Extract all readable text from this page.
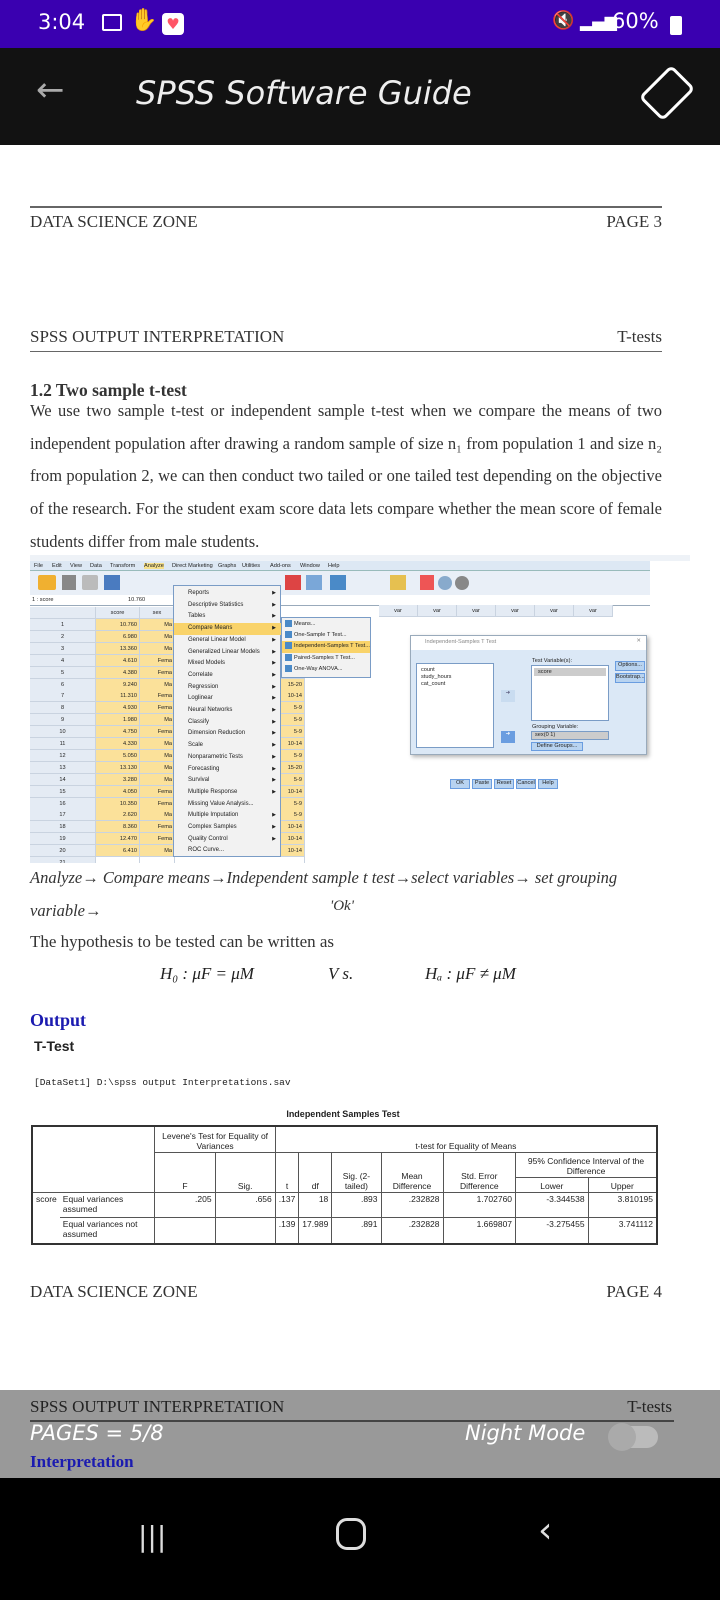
3:04 ✋ ♥	🔇 ▂▄▆
60%
← SPSS Software Guide
DATA SCIENCE ZONE	PAGE 3
SPSS OUTPUT INTERPRETATION	T-tests
1.2 Two sample t-test

We use two sample t-test or independent sample t-test when we compare the means of two independent population after drawing a random sample of size n₁ from population 1 and size n₂ from population 2, we can then conduct two tailed or one tailed test depending on the objective of the research. For the student exam score data lets compare whether the mean score of female students differ from male students.

File Edit View Data Transform Analyze Direct Marketing Graphs Utilities Add-ons Window Help
1 : score	10.760
score	sex	var	var	var	var	var	var
1	10.760	Ma
2	6.980	Ma
3	13.360	Ma
4	4.610	Fema
5	4.380	Fema
6	9.240	Ma	15-20
7	11.310	Fema	10-14
8	4.930	Fema	5-9
9	1.980	Ma	5-9
10	4.750	Fema	5-9
11	4.330	Ma	10-14
12	5.050	Ma	5-9
13	13.130	Ma	15-20
14	3.280	Ma	5-9
15	4.050	Fema	10-14
16	10.350	Fema	5-9
17	2.620	Ma	5-9
18	8.360	Fema	10-14
19	12.470	Fema	10-14
20	6.410	Ma	10-14
21
Reports	▶
Descriptive Statistics	▶
Tables	▶
Compare Means	▶
General Linear Model	▶
Generalized Linear Models ▶
Mixed Models	▶
Correlate	▶
Regression	▶
Loglinear	▶
Neural Networks	▶
Classify	▶
Dimension Reduction	▶
Scale	▶
Nonparametric Tests	▶
Forecasting	▶
Survival	▶
Multiple Response	▶
Missing Value Analysis...
Multiple Imputation	▶
Complex Samples	▶
Quality Control	▶
ROC Curve...
Means...
One-Sample T Test...
Independent-Samples T Test...
Paired-Samples T Test...
One-Way ANOVA...
Independent-Samples T Test	✕
count
study_hours
cat_count
➜
➜
Test Variable(s):
score
Grouping Variable:
sex(0 1)
Define Groups...
Options...
Bootstrap...
OK Paste Reset Cancel Help

Analyze→ Compare means→Independent sample t test→select variables→ set grouping variable→	'Ok'
The hypothesis to be tested can be written as
H₀ : μF = μM	V s.	Hₐ : μF ≠ μM
Output
T-Test
[DataSet1] D:\spss output Interpretations.sav
Independent Samples Test
		Levene's Test for Equality of Variances		t-test for Equality of Means						
		F	Sig.	t	df	Sig. (2-tailed)	Mean Difference	Std. Error Difference	95% Confidence Interval of the Difference	
									Lower	Upper
score	Equal variances assumed	.205	.656	.137	18	.893	.232828	1.702760	-3.344538	3.810195
	Equal variances not assumed			.139	17.989	.891	.232828	1.669807	-3.275455	3.741112
DATA SCIENCE ZONE	PAGE 4
SPSS OUTPUT INTERPRETATION	T-tests
PAGES = 5/8	Night Mode
Interpretation
|||	‹
